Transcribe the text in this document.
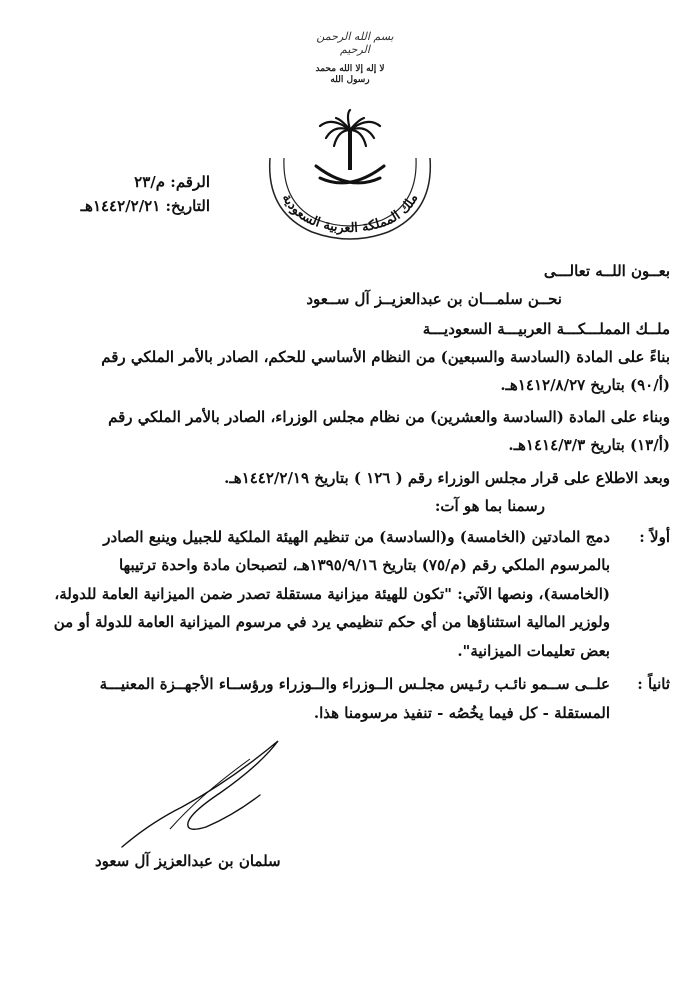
بسم الله الرحمن الرحيم
لا إله إلا الله محمد رسول الله
ملك المملكة العربية السعودية
الرقم: م/٢٣
التاريخ: ١٤٤٢/٢/٢١هـ
بعــون اللــه تعالـــى
نحــن سلمـــان بن عبدالعزيــز آل ســعود
ملــك المملـــكـــة العربيـــة السعوديـــة
بناءً على المادة (السادسة والسبعين) من النظام الأساسي للحكم، الصادر بالأمر الملكي رقم
(أ/٩٠) بتاريخ ١٤١٢/٨/٢٧هـ.
وبناء على المادة (السادسة والعشرين) من نظام مجلس الوزراء، الصادر بالأمر الملكي رقم
(أ/١٣) بتاريخ ١٤١٤/٣/٣هـ.
وبعد الاطلاع على قرار مجلس الوزراء رقم ( ١٢٦ ) بتاريخ ١٤٤٢/٢/١٩هـ.
رسمنا بما هو آت:
أولاً :
دمج المادتين (الخامسة) و(السادسة) من تنظيم الهيئة الملكية للجبيل وينبع الصادر
بالمرسوم الملكي رقم (م/٧٥) بتاريخ ١٣٩٥/٩/١٦هـ، لتصبحان مادة واحدة ترتيبها
(الخامسة)، ونصها الآتي: "تكون للهيئة ميزانية مستقلة تصدر ضمن الميزانية العامة للدولة،
ولوزير المالية استثناؤها من أي حكم تنظيمي يرد في مرسوم الميزانية العامة للدولة أو من
بعض تعليمات الميزانية".
ثانياً :
علــى ســمو نائـب رئـيس مجلـس الــوزراء والــوزراء ورؤســاء الأجهــزة المعنيـــة
المستقلة - كل فيما يخُصُه - تنفيذ مرسومنا هذا.
سلمان بن عبدالعزيز آل سعود
